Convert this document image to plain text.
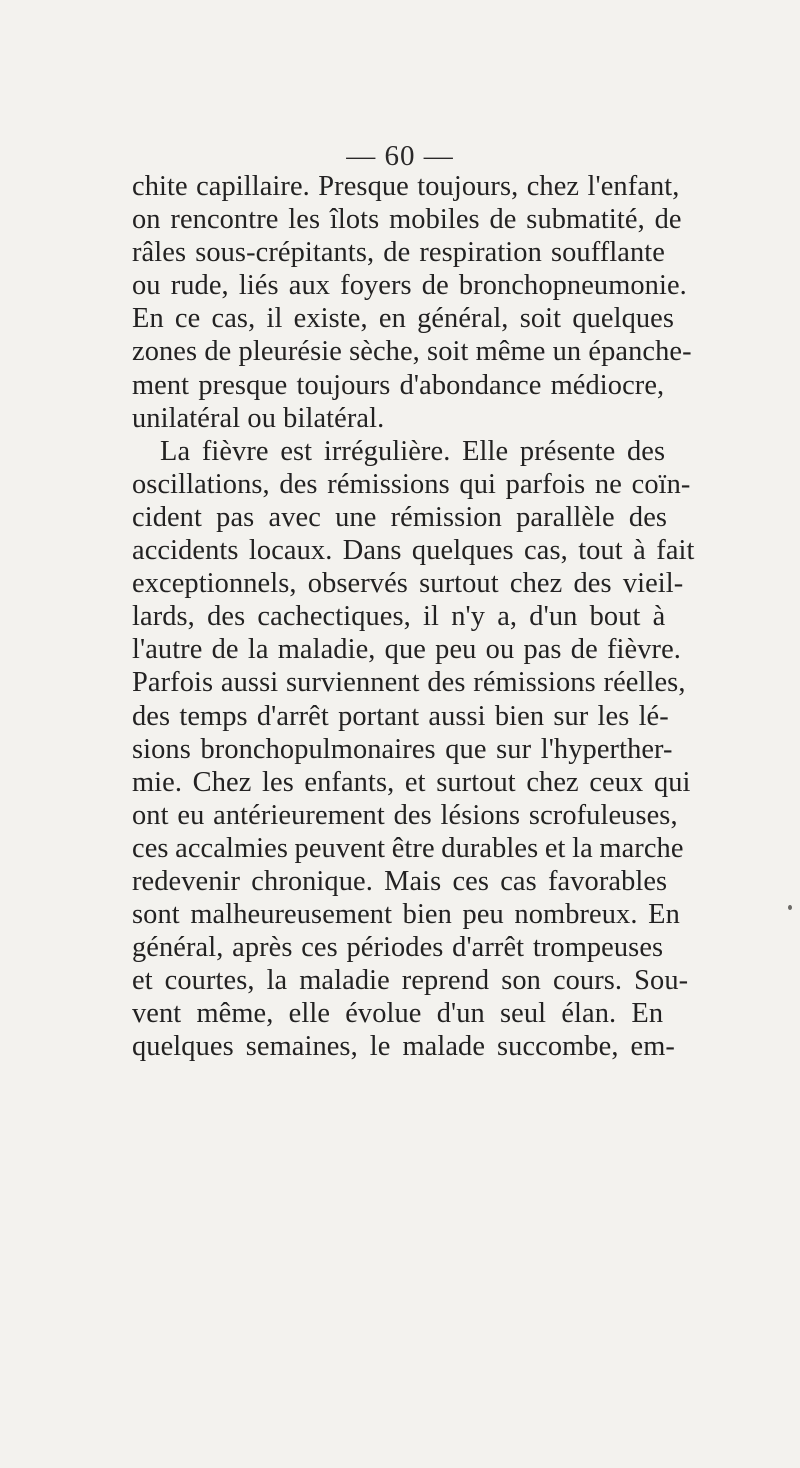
— 60 —
chite capillaire. Presque toujours, chez l'enfant,
on rencontre les îlots mobiles de submatité, de
râles sous-crépitants, de respiration soufflante
ou rude, liés aux foyers de bronchopneumonie.
En ce cas, il existe, en général, soit quelques
zones de pleurésie sèche, soit même un épanche-
ment presque toujours d'abondance médiocre,
unilatéral ou bilatéral.
La fièvre est irrégulière. Elle présente des
oscillations, des rémissions qui parfois ne coïn-
cident pas avec une rémission parallèle des
accidents locaux. Dans quelques cas, tout à fait
exceptionnels, observés surtout chez des vieil-
lards, des cachectiques, il n'y a, d'un bout à
l'autre de la maladie, que peu ou pas de fièvre.
Parfois aussi surviennent des rémissions réelles,
des temps d'arrêt portant aussi bien sur les lé-
sions bronchopulmonaires que sur l'hyperther-
mie. Chez les enfants, et surtout chez ceux qui
ont eu antérieurement des lésions scrofuleuses,
ces accalmies peuvent être durables et la marche
redevenir chronique. Mais ces cas favorables
sont malheureusement bien peu nombreux. En
général, après ces périodes d'arrêt trompeuses
et courtes, la maladie reprend son cours. Sou-
vent même, elle évolue d'un seul élan. En
quelques semaines, le malade succombe, em-
